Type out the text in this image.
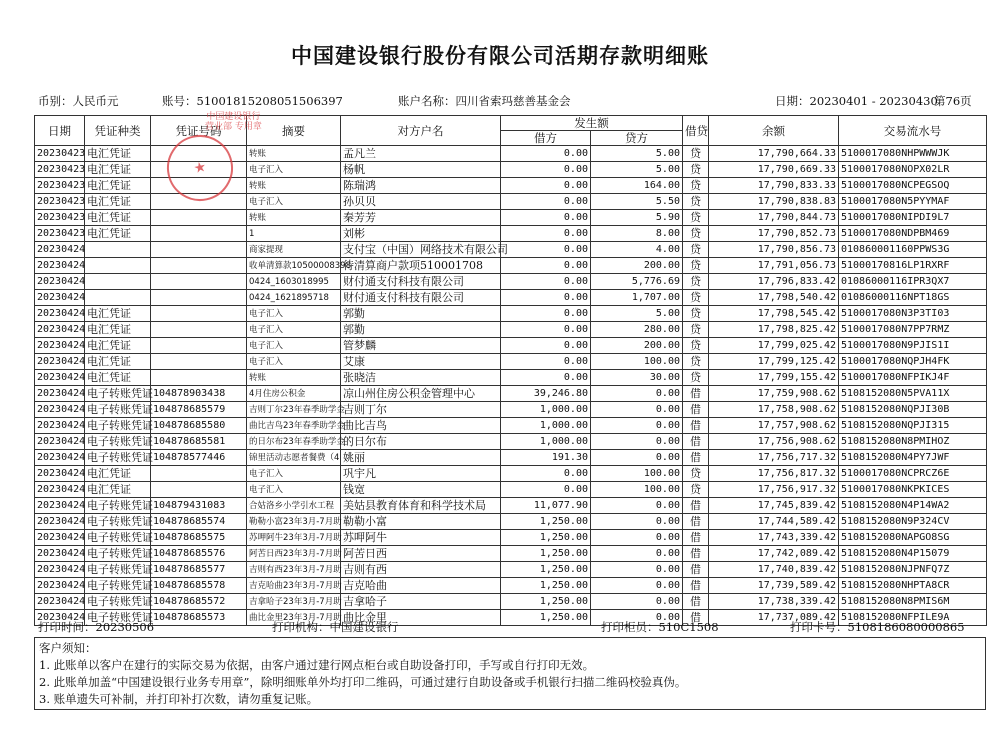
中国建设银行股份有限公司活期存款明细账
币别：人民币元	账号：51001815208051506397	账户名称：四川省索玛慈善基金会	日期：20230401 - 20230430
第76页
日期	凭证种类	凭证号码	摘要	对方户名	发生额		借贷	余额	交易流水号
					借方	贷方			
20230423	电汇凭证		转账	孟凡兰	0.00	5.00	贷	17,790,664.33	5100017080NHPWWWJK
20230423	电汇凭证		电子汇入	杨帆	0.00	5.00	贷	17,790,669.33	5100017080NOPX02LR
20230423	电汇凭证		转账	陈瑞鸿	0.00	164.00	贷	17,790,833.33	5100017080NCPEGSOQ
20230423	电汇凭证		电子汇入	孙贝贝	0.00	5.50	贷	17,790,838.83	5100017080N5PYYMAF
20230423	电汇凭证		转账	秦芳芳	0.00	5.90	贷	17,790,844.73	5100017080NIPDI9L7
20230423	电汇凭证		1	刘彬	0.00	8.00	贷	17,790,852.73	5100017080NDPBM469
20230424			商家提现	支付宝（中国）网络技术有限公司	0.00	4.00	贷	17,790,856.73	010860001160PPWS3G
20230424			收单清算款10500008398	待清算商户款项510001708	0.00	200.00	贷	17,791,056.73	5100017081​6LP1RXRF
20230424			0424_1603018995	财付通支付科技有限公司	0.00	5,776.69	贷	17,796,833.42	01086000116IPR3QX7
20230424			0424_1621895718	财付通支付科技有限公司	0.00	1,707.00	贷	17,798,540.42	01086000116NPT18GS
20230424	电汇凭证		电子汇入	郭勤	0.00	5.00	贷	17,798,545.42	5100017080N3P3TI03
20230424	电汇凭证		电子汇入	郭勤	0.00	280.00	贷	17,798,825.42	5100017080N7PP7RMZ
20230424	电汇凭证		电子汇入	管梦麟	0.00	200.00	贷	17,799,025.42	5100017080N9PJIS1I
20230424	电汇凭证		电子汇入	艾康	0.00	100.00	贷	17,799,125.42	5100017080NQPJH4FK
20230424	电汇凭证		转账	张晓洁	0.00	30.00	贷	17,799,155.42	5100017080NFPIKJ4F
20230424	电子转账凭证	104878903438	4月住房公积金	凉山州住房公积金管理中心	39,246.80	0.00	借	17,759,908.62	5108152080N5PVA11X
20230424	电子转账凭证	104878685579	吉则丁尔23年春季助学金	吉则丁尔	1,000.00	0.00	借	17,758,908.62	5108152080NQPJI30B
20230424	电子转账凭证	104878685580	曲比吉鸟23年春季助学金	曲比吉鸟	1,000.00	0.00	借	17,757,908.62	5108152080NQPJI315
20230424	电子转账凭证	104878685581	的日尔布23年春季助学金	的日尔布	1,000.00	0.00	借	17,756,908.62	5108152080N8PMIHOZ
20230424	电子转账凭证	104878577446	锦里活动志愿者餐费（4	姚丽	191.30	0.00	借	17,756,717.32	5108152080N4PY7JWF
20230424	电汇凭证		电子汇入	巩宇凡	0.00	100.00	贷	17,756,817.32	5100017080NCPRCZ6E
20230424	电汇凭证		电子汇入	钱宽	0.00	100.00	贷	17,756,917.32	5100017080NKPKICES
20230424	电子转账凭证	104879431083	合姑洛乡小学引水工程	美姑县教育体育和科学技术局	11,077.90	0.00	借	17,745,839.42	5108152080N4P14WA2
20230424	电子转账凭证	104878685574	勒勒小富23年3月-7月助	勒勒小富	1,250.00	0.00	借	17,744,589.42	5108152080N9P324CV
20230424	电子转账凭证	104878685575	苏呷阿牛23年3月-7月助	苏呷阿牛	1,250.00	0.00	借	17,743,339.42	5108152080NAPGO8SG
20230424	电子转账凭证	104878685576	阿苦日西23年3月-7月助	阿苦日西	1,250.00	0.00	借	17,742,089.42	5108152080N4P15079
20230424	电子转账凭证	104878685577	吉则有西23年3月-7月助	吉则有西	1,250.00	0.00	借	17,740,839.42	5108152080NJPNFQ7Z
20230424	电子转账凭证	104878685578	吉克哈曲23年3月-7月助	吉克哈曲	1,250.00	0.00	借	17,739,589.42	5108152080NHPTA8CR
20230424	电子转账凭证	104878685572	吉拿哈子23年3月-7月助	吉拿哈子	1,250.00	0.00	借	17,738,339.42	5108152080N8PMIS6M
20230424	电子转账凭证	104878685573	曲比金里23年3月-7月助	曲比金里	1,250.00	0.00	借	17,737,089.42	5108152080NFPILE9A
★
中国建设银行
营业部 专用章
打印时间：20230506	打印机构：中国建设银行	打印柜员：510C1508	打印卡号：5108186080000865
客户须知：
1. 此账单以客户在建行的实际交易为依据，由客户通过建行网点柜台或自助设备打印，手写或自行打印无效。
2. 此账单加盖“中国建设银行业务专用章”，除明细账单外均打印二维码，可通过建行自助设备或手机银行扫描二维码校验真伪。
3. 账单遗失可补制，并打印补打次数，请勿重复记账。
